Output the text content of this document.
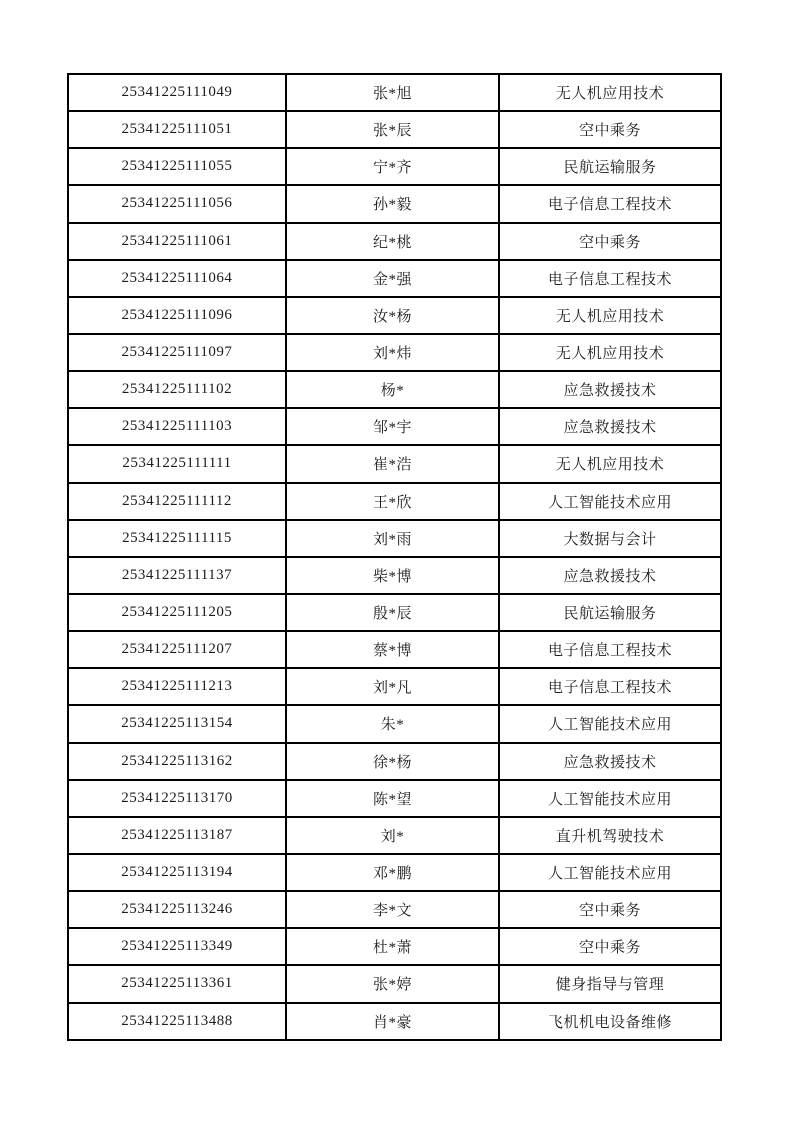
25341225111049	张*旭	无人机应用技术
25341225111051	张*辰	空中乘务
25341225111055	宁*齐	民航运输服务
25341225111056	孙*毅	电子信息工程技术
25341225111061	纪*桃	空中乘务
25341225111064	金*强	电子信息工程技术
25341225111096	汝*杨	无人机应用技术
25341225111097	刘*炜	无人机应用技术
25341225111102	杨*	应急救援技术
25341225111103	邹*宇	应急救援技术
25341225111111	崔*浩	无人机应用技术
25341225111112	王*欣	人工智能技术应用
25341225111115	刘*雨	大数据与会计
25341225111137	柴*博	应急救援技术
25341225111205	殷*辰	民航运输服务
25341225111207	蔡*博	电子信息工程技术
25341225111213	刘*凡	电子信息工程技术
25341225113154	朱*	人工智能技术应用
25341225113162	徐*杨	应急救援技术
25341225113170	陈*望	人工智能技术应用
25341225113187	刘*	直升机驾驶技术
25341225113194	邓*鹏	人工智能技术应用
25341225113246	李*文	空中乘务
25341225113349	杜*萧	空中乘务
25341225113361	张*婷	健身指导与管理
25341225113488	肖*豪	飞机机电设备维修
